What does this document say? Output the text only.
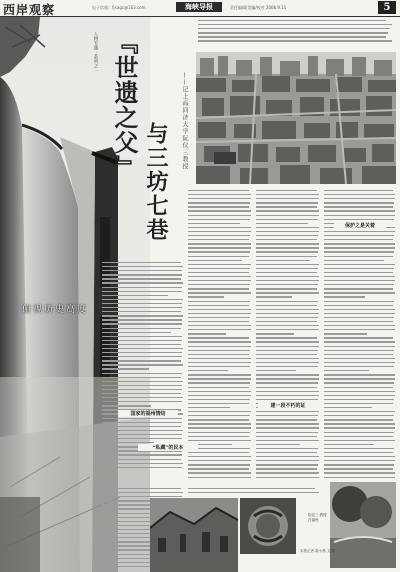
西岸观察	电子信箱：fjxagc@163.com	海峡导报	责任编辑/美编/校对 2006.9.11	5
西岸视点
人物专题 · 系列之一
俯视历史高度
『世遗之父』
与三坊七巷
——记上海同济大学阮仪三教授
国家的福州情结
“私藏”的民本
建一段不朽的证
保护之是关着
阮仪三 教授在福州
本报记者 陈小燕 文/图
